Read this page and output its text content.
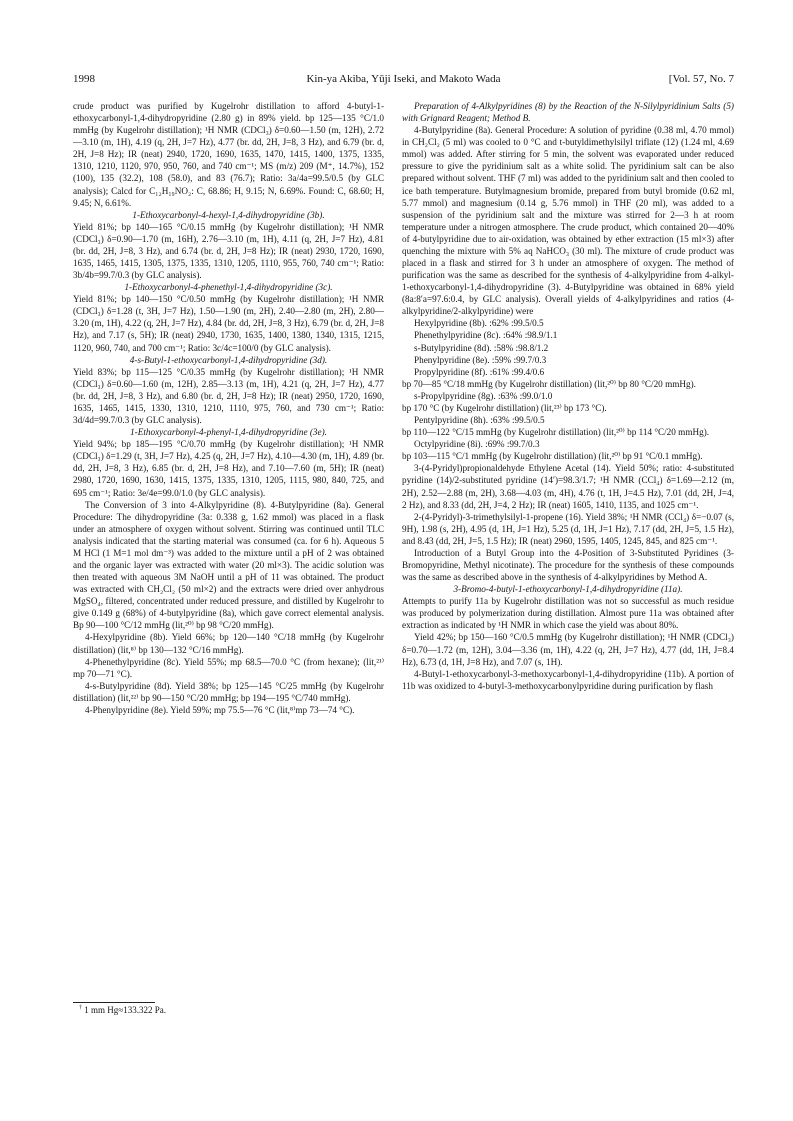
1998	Kin-ya Akiba, Yūji Iseki, and Makoto Wada	[Vol. 57, No. 7
crude product was purified by Kugelrohr distillation to afford 4-butyl-1-ethoxycarbonyl-1,4-dihydropyridine (2.80 g) in 89% yield. bp 125—135 °C/1.0 mmHg (by Kugelrohr distillation); ¹H NMR (CDCl₃) δ=0.60—1.50 (m, 12H), 2.72—3.10 (m, 1H), 4.19 (q, 2H, J=7 Hz), 4.77 (br. dd, 2H, J=8, 3 Hz), and 6.79 (br. d, 2H, J=8 Hz); IR (neat) 2940, 1720, 1690, 1635, 1470, 1415, 1400, 1375, 1335, 1310, 1210, 1120, 970, 950, 760, and 740 cm⁻¹; MS (m/z) 209 (M⁺, 14.7%), 152 (100), 135 (32.2), 108 (58.0), and 83 (76.7); Ratio: 3a/4a=99.5/0.5 (by GLC analysis); Calcd for C₁₂H₁₉NO₂: C, 68.86; H, 9.15; N, 6.69%. Found: C, 68.60; H, 9.45; N, 6.61%.
1-Ethoxycarbonyl-4-hexyl-1,4-dihydropyridine (3b).
Yield 81%; bp 140—165 °C/0.15 mmHg (by Kugelrohr distillation); ¹H NMR (CDCl₃) δ=0.90—1.70 (m, 16H), 2.76—3.10 (m, 1H), 4.11 (q, 2H, J=7 Hz), 4.81 (br. dd, 2H, J=8, 3 Hz), and 6.74 (br. d, 2H, J=8 Hz); IR (neat) 2930, 1720, 1690, 1635, 1465, 1415, 1305, 1375, 1335, 1310, 1205, 1110, 955, 760, 740 cm⁻¹; Ratio: 3b/4b=99.7/0.3 (by GLC analysis).
1-Ethoxycarbonyl-4-phenethyl-1,4-dihydropyridine (3c).
Yield 81%; bp 140—150 °C/0.50 mmHg (by Kugelrohr distillation); ¹H NMR (CDCl₃) δ=1.28 (t, 3H, J=7 Hz), 1.50—1.90 (m, 2H), 2.40—2.80 (m, 2H), 2.80—3.20 (m, 1H), 4.22 (q, 2H, J=7 Hz), 4.84 (br. dd, 2H, J=8, 3 Hz), 6.79 (br. d, 2H, J=8 Hz), and 7.17 (s, 5H); IR (neat) 2940, 1730, 1635, 1400, 1380, 1340, 1315, 1215, 1120, 960, 740, and 700 cm⁻¹; Ratio: 3c/4c=100/0 (by GLC analysis).
4-s-Butyl-1-ethoxycarbonyl-1,4-dihydropyridine (3d).
Yield 83%; bp 115—125 °C/0.35 mmHg (by Kugelrohr distillation); ¹H NMR (CDCl₃) δ=0.60—1.60 (m, 12H), 2.85—3.13 (m, 1H), 4.21 (q, 2H, J=7 Hz), 4.77 (br. dd, 2H, J=8, 3 Hz), and 6.80 (br. d, 2H, J=8 Hz); IR (neat) 2950, 1720, 1690, 1635, 1465, 1415, 1330, 1310, 1210, 1110, 975, 760, and 730 cm⁻¹; Ratio: 3d/4d=99.7/0.3 (by GLC analysis).
1-Ethoxycarbonyl-4-phenyl-1,4-dihydropyridine (3e).
Yield 94%; bp 185—195 °C/0.70 mmHg (by Kugelrohr distillation); ¹H NMR (CDCl₃) δ=1.29 (t, 3H, J=7 Hz), 4.25 (q, 2H, J=7 Hz), 4.10—4.30 (m, 1H), 4.89 (br. dd, 2H, J=8, 3 Hz), 6.85 (br. d, 2H, J=8 Hz), and 7.10—7.60 (m, 5H); IR (neat) 2980, 1720, 1690, 1630, 1415, 1375, 1335, 1310, 1205, 1115, 980, 840, 725, and 695 cm⁻¹; Ratio: 3e/4e=99.0/1.0 (by GLC analysis).
The Conversion of 3 into 4-Alkylpyridine (8). 4-Butylpyridine (8a). General Procedure: The dihydropyridine (3a: 0.338 g, 1.62 mmol) was placed in a flask under an atmosphere of oxygen without solvent. Stirring was continued until TLC analysis indicated that the starting material was consumed (ca. for 6 h). Aqueous 5 M HCl (1 M=1 mol dm⁻³) was added to the mixture until a pH of 2 was obtained and the organic layer was extracted with water (20 ml×3). The acidic solution was then treated with aqueous 3M NaOH until a pH of 11 was obtained. The product was extracted with CH₂Cl₂ (50 ml×2) and the extracts were dried over anhydrous MgSO₄, filtered, concentrated under reduced pressure, and distilled by Kugelrohr to give 0.149 g (68%) of 4-butylpyridine (8a), which gave correct elemental analysis. Bp 90—100 °C/12 mmHg (lit,²⁰⁾ bp 98 °C/20 mmHg).
4-Hexylpyridine (8b). Yield 66%; bp 120—140 °C/18 mmHg (by Kugelrohr distillation) (lit,⁸⁾ bp 130—132 °C/16 mmHg).
4-Phenethylpyridine (8c). Yield 55%; mp 68.5—70.0 °C (from hexane); (lit,²¹⁾ mp 70—71 °C).
4-s-Butylpyridine (8d). Yield 38%; bp 125—145 °C/25 mmHg (by Kugelrohr distillation) (lit,²²⁾ bp 90—150 °C/20 mmHg; bp 194—195 °C/740 mmHg).
4-Phenylpyridine (8e). Yield 59%; mp 75.5—76 °C (lit,⁸⁾mp 73—74 °C).
Preparation of 4-Alkylpyridines (8) by the Reaction of the N-Silylpyridinium Salts (5) with Grignard Reagent; Method B.
4-Butylpyridine (8a). General Procedure: A solution of pyridine (0.38 ml, 4.70 mmol) in CH₂Cl₂ (5 ml) was cooled to 0 °C and t-butyldimethylsilyl triflate (12) (1.24 ml, 4.69 mmol) was added. After stirring for 5 min, the solvent was evaporated under reduced pressure to give the pyridinium salt as a white solid. The pyridinium salt can be also prepared without solvent. THF (7 ml) was added to the pyridinium salt and then cooled to ice bath temperature. Butylmagnesium bromide, prepared from butyl bromide (0.62 ml, 5.77 mmol) and magnesium (0.14 g, 5.76 mmol) in THF (20 ml), was added to a suspension of the pyridinium salt and the mixture was stirred for 2—3 h at room temperature under a nitrogen atmosphere. The crude product, which contained 20—40% of 4-butylpyridine due to air-oxidation, was obtained by ether extraction (15 ml×3) after quenching the mixture with 5% aq NaHCO₃ (30 ml). The mixture of crude product was placed in a flask and stirred for 3 h under an atmosphere of oxygen. The method of purification was the same as described for the synthesis of 4-alkylpyridine from 4-alkyl-1-ethoxycarbonyl-1,4-dihydropyridine (3). 4-Butylpyridine was obtained in 68% yield (8a:8′a=97.6:0.4, by GLC analysis). Overall yields of 4-alkylpyridines and ratios (4-alkylpyridine/2-alkylpyridine) were
Hexylpyridine (8b). :62% :99.5/0.5
Phenethylpyridine (8c). :64% :98.9/1.1
s-Butylpyridine (8d). :58% :98.8/1.2
Phenylpyridine (8e). :59% :99.7/0.3
Propylpyridine (8f). :61% :99.4/0.6
bp 70—85 °C/18 mmHg (by Kugelrohr distillation) (lit,²⁰⁾ bp 80 °C/20 mmHg).
s-Propylpyridine (8g). :63% :99.0/1.0
bp 170 °C (by Kugelrohr distillation) (lit,²³⁾ bp 173 °C).
Pentylpyridine (8h). :63% :99.5/0.5
bp 110—122 °C/15 mmHg (by Kugelrohr distillation) (lit,²⁰⁾ bp 114 °C/20 mmHg).
Octylpyridine (8i). :69% :99.7/0.3
bp 103—115 °C/1 mmHg (by Kugelrohr distillation) (lit,²⁰⁾ bp 91 °C/0.1 mmHg).
3-(4-Pyridyl)propionaldehyde Ethylene Acetal (14). Yield 50%; ratio: 4-substituted pyridine (14)/2-substituted pyridine (14′)=98.3/1.7; ¹H NMR (CCl₄) δ=1.69—2.12 (m, 2H), 2.52—2.88 (m, 2H), 3.68—4.03 (m, 4H), 4.76 (t, 1H, J=4.5 Hz), 7.01 (dd, 2H, J=4, 2 Hz), and 8.33 (dd, 2H, J=4, 2 Hz); IR (neat) 1605, 1410, 1135, and 1025 cm⁻¹.
2-(4-Pyridyl)-3-trimethylsilyl-1-propene (16). Yield 38%; ¹H NMR (CCl₄) δ=−0.07 (s, 9H), 1.98 (s, 2H), 4.95 (d, 1H, J=1 Hz), 5.25 (d, 1H, J=1 Hz), 7.17 (dd, 2H, J=5, 1.5 Hz), and 8.43 (dd, 2H, J=5, 1.5 Hz); IR (neat) 2960, 1595, 1405, 1245, 845, and 825 cm⁻¹.
Introduction of a Butyl Group into the 4-Position of 3-Substituted Pyridines (3-Bromopyridine, Methyl nicotinate). The procedure for the synthesis of these compounds was the same as described above in the synthesis of 4-alkylpyridines by Method A.
3-Bromo-4-butyl-1-ethoxycarbonyl-1,4-dihydropyridine (11a).
Attempts to purify 11a by Kugelrohr distillation was not so successful as much residue was produced by polymerization during distillation. Almost pure 11a was obtained after extraction as indicated by ¹H NMR in which case the yield was about 80%.
Yield 42%; bp 150—160 °C/0.5 mmHg (by Kugelrohr distillation); ¹H NMR (CDCl₃) δ=0.70—1.72 (m, 12H), 3.04—3.36 (m, 1H), 4.22 (q, 2H, J=7 Hz), 4.77 (dd, 1H, J=8.4 Hz), 6.73 (d, 1H, J=8 Hz), and 7.07 (s, 1H).
4-Butyl-1-ethoxycarbonyl-3-methoxycarbonyl-1,4-dihydropyridine (11b). A portion of 11b was oxidized to 4-butyl-3-methoxycarbonylpyridine during purification by flash
† 1 mm Hg≈133.322 Pa.
